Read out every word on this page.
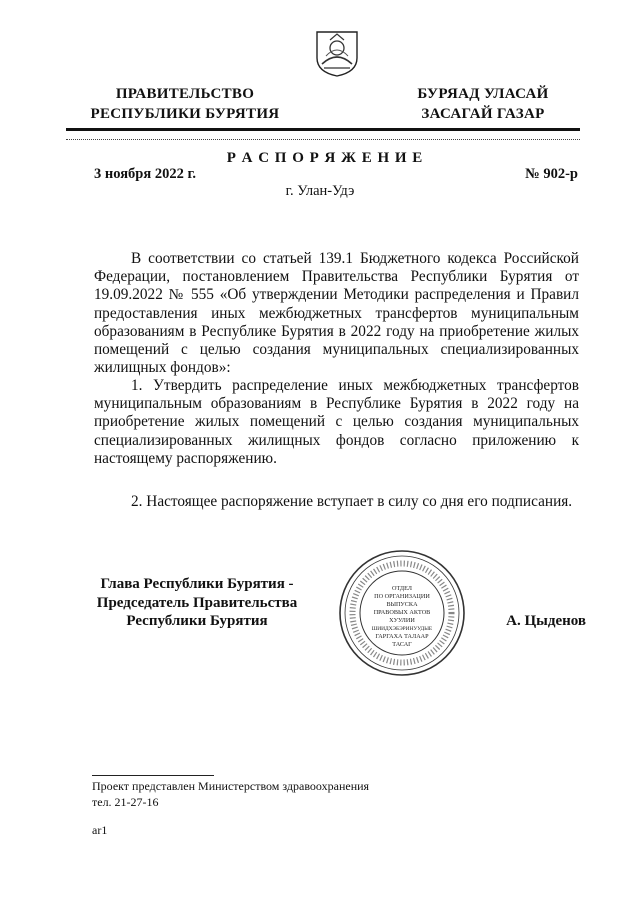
ПРАВИТЕЛЬСТВО
РЕСПУБЛИКИ БУРЯТИЯ
БУРЯАД УЛАСАЙ
ЗАСАГАЙ ГАЗАР
Р А С П О Р Я Ж Е Н И Е
3 ноября 2022 г.	№ 902-р
г. Улан-Удэ
В соответствии со статьей 139.1 Бюджетного кодекса Российской Федерации, постановлением Правительства Республики Бурятия от 19.09.2022 № 555 «Об утверждении Методики распределения и Правил предоставления иных межбюджетных трансфертов муниципальным образованиям в Республике Бурятия в 2022 году на приобретение жилых помещений с целью создания муниципальных специализированных жилищных фондов»:
1. Утвердить распределение иных межбюджетных трансфертов муниципальным образованиям в Республике Бурятия в 2022 году на приобретение жилых помещений с целью создания муниципальных специализированных жилищных фондов согласно приложению к настоящему распоряжению.
2. Настоящее распоряжение вступает в силу со дня его подписания.
Глава Республики Бурятия -
Председатель Правительства
Республики Бурятия	А. Цыденов
ОТДЕЛ
ПО ОРГАНИЗАЦИИ
ВЫПУСКА
ПРАВОВЫХ АКТОВ
ХУУЛИИ
ШИИДХЭБЭРИНУУДЫЕ
ГАРГАХА ТАЛААР
ТАСАГ
Проект представлен Министерством здравоохранения
тел. 21-27-16
ar1
